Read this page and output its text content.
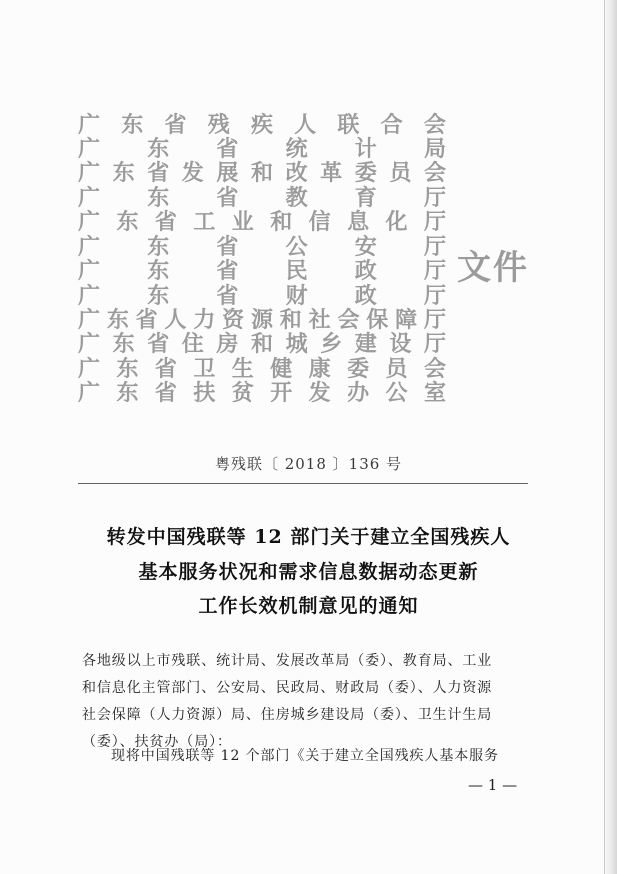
广 东 省 残 疾 人 联 合 会
广 东 省 统 计 局
广 东 省 发 展 和 改 革 委 员 会
广 东 省 教 育 厅
广 东 省 工 业 和 信 息 化 厅
广 东 省 公 安 厅
广 东 省 民 政 厅
广 东 省 财 政 厅
广 东 省 人 力 资 源 和 社 会 保 障 厅
广 东 省 住 房 和 城 乡 建 设 厅
广 东 省 卫 生 健 康 委 员 会
广 东 省 扶 贫 开 发 办 公 室
文件
粤残联〔 2018 〕136 号
转发中国残联等 12 部门关于建立全国残疾人
基本服务状况和需求信息数据动态更新
工作长效机制意见的通知
各地级以上市残联、统计局、发展改革局（委）、教育局、工业
和信息化主管部门、公安局、民政局、财政局（委）、人力资源
社会保障（人力资源）局、住房城乡建设局（委）、卫生计生局
（委）、扶贫办（局）：
现将中国残联等 12 个部门《关于建立全国残疾人基本服务
— 1 —
